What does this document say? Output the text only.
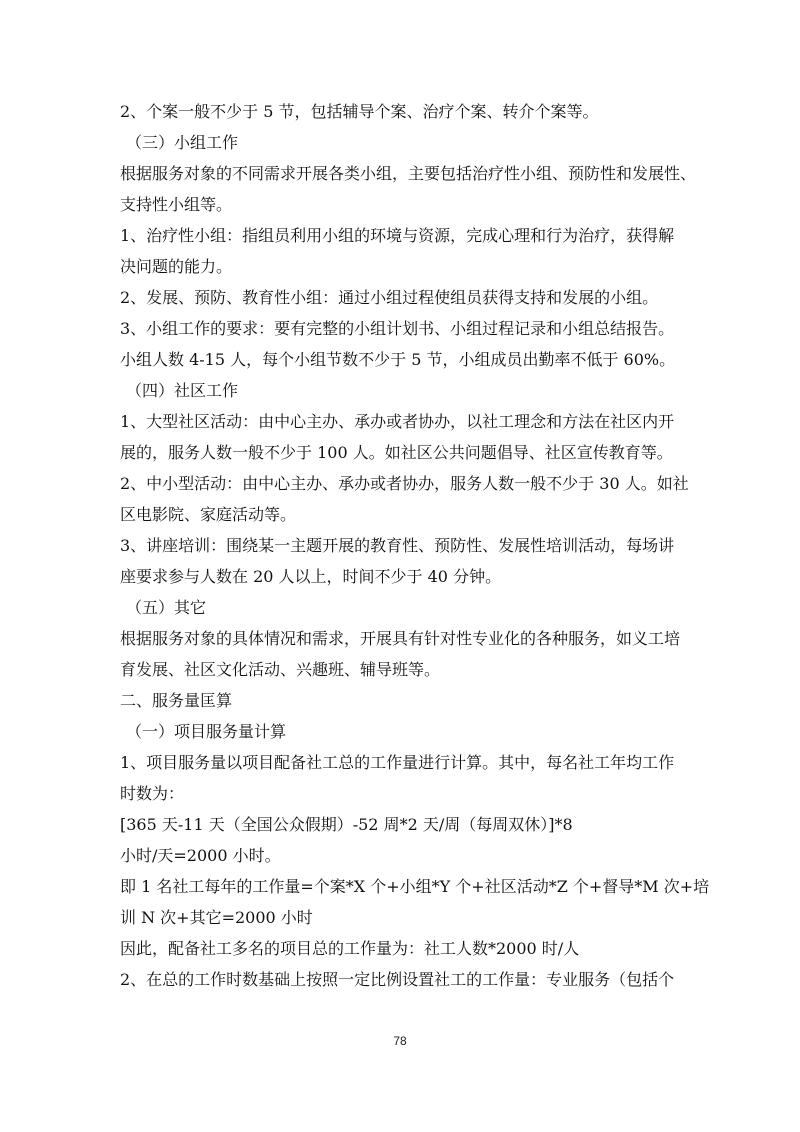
2、个案一般不少于 5 节，包括辅导个案、治疗个案、转介个案等。
（三）小组工作
根据服务对象的不同需求开展各类小组，主要包括治疗性小组、预防性和发展性、
支持性小组等。
1、治疗性小组：指组员利用小组的环境与资源，完成心理和行为治疗，获得解
决问题的能力。
2、发展、预防、教育性小组：通过小组过程使组员获得支持和发展的小组。
3、小组工作的要求：要有完整的小组计划书、小组过程记录和小组总结报告。
小组人数 4-15 人，每个小组节数不少于 5 节，小组成员出勤率不低于 60%。
（四）社区工作
1、大型社区活动：由中心主办、承办或者协办，以社工理念和方法在社区内开
展的，服务人数一般不少于 100 人。如社区公共问题倡导、社区宣传教育等。
2、中小型活动：由中心主办、承办或者协办，服务人数一般不少于 30 人。如社
区电影院、家庭活动等。
3、讲座培训：围绕某一主题开展的教育性、预防性、发展性培训活动，每场讲
座要求参与人数在 20 人以上，时间不少于 40 分钟。
（五）其它
根据服务对象的具体情况和需求，开展具有针对性专业化的各种服务，如义工培
育发展、社区文化活动、兴趣班、辅导班等。
二、服务量匡算
（一）项目服务量计算
1、项目服务量以项目配备社工总的工作量进行计算。其中，每名社工年均工作
时数为：
[365 天-11 天（全国公众假期）-52 周*2 天/周（每周双休）]*8
小时/天=2000 小时。
即 1 名社工每年的工作量=个案*X 个+小组*Y 个+社区活动*Z 个+督导*M 次+培
训 N 次+其它=2000 小时
因此，配备社工多名的项目总的工作量为：社工人数*2000 时/人
2、在总的工作时数基础上按照一定比例设置社工的工作量：专业服务（包括个
78
